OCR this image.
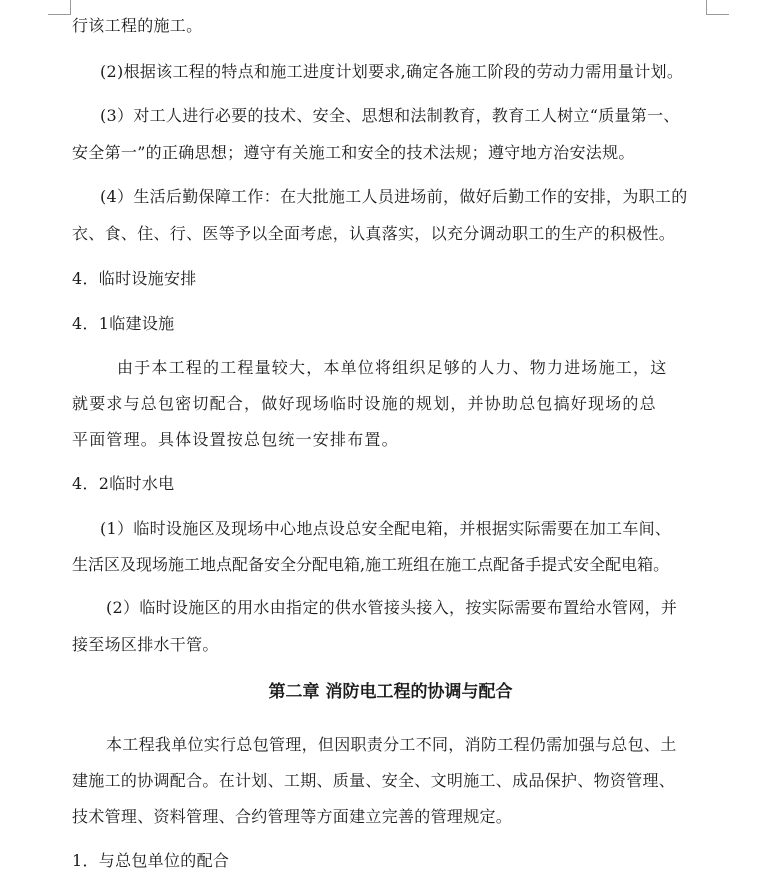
行该工程的施工。
(2)根据该工程的特点和施工进度计划要求,确定各施工阶段的劳动力需用量计划。
(3）对工人进行必要的技术、安全、思想和法制教育，教育工人树立“质量第一、
安全第一”的正确思想；遵守有关施工和安全的技术法规；遵守地方治安法规。
(4）生活后勤保障工作：在大批施工人员进场前，做好后勤工作的安排，为职工的
衣、食、住、行、医等予以全面考虑，认真落实，以充分调动职工的生产的积极性。
4．临时设施安排
4．1临建设施
由于本工程的工程量较大，本单位将组织足够的人力、物力进场施工，这
就要求与总包密切配合，做好现场临时设施的规划，并协助总包搞好现场的总
平面管理。具体设置按总包统一安排布置。
4．2临时水电
(1）临时设施区及现场中心地点设总安全配电箱，并根据实际需要在加工车间、
生活区及现场施工地点配备安全分配电箱,施工班组在施工点配备手提式安全配电箱。
(2）临时设施区的用水由指定的供水管接头接入，按实际需要布置给水管网，并
接至场区排水干管。
第二章 消防电工程的协调与配合
本工程我单位实行总包管理，但因职责分工不同，消防工程仍需加强与总包、土
建施工的协调配合。在计划、工期、质量、安全、文明施工、成品保护、物资管理、
技术管理、资料管理、合约管理等方面建立完善的管理规定。
1．与总包单位的配合
